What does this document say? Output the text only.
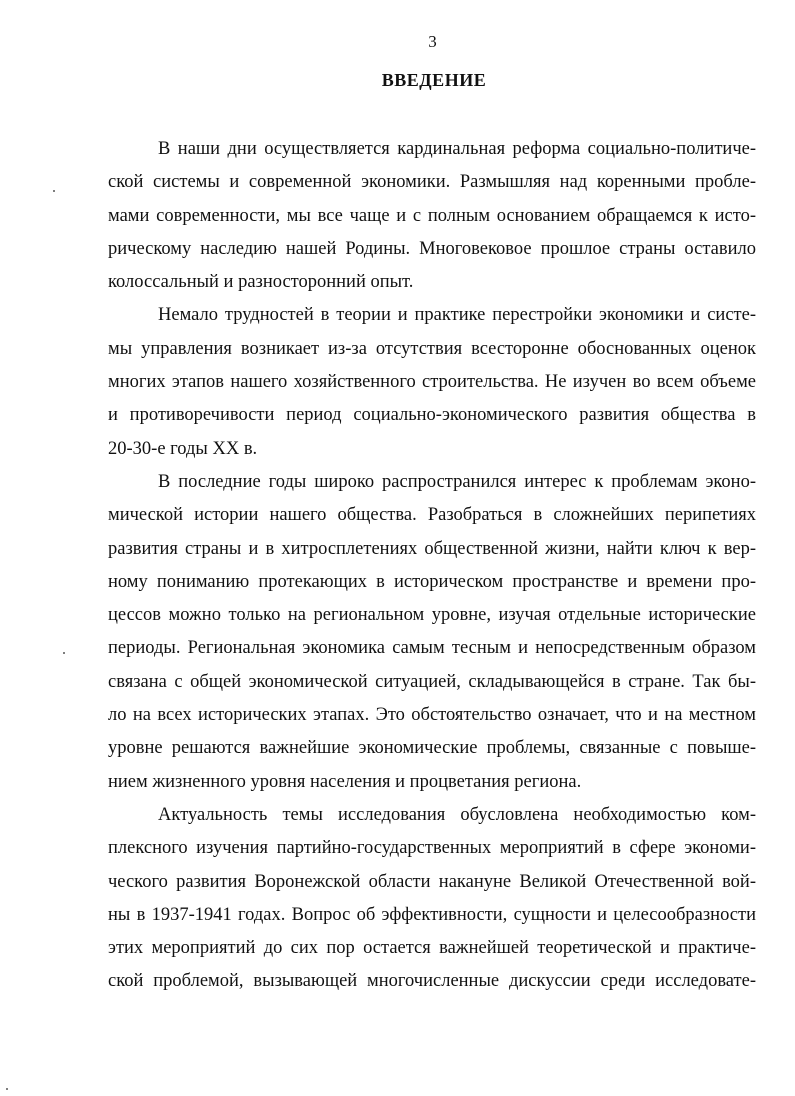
3
ВВЕДЕНИЕ
В наши дни осуществляется кардинальная реформа социально-политиче-
ской системы и современной экономики. Размышляя над коренными пробле-
мами современности, мы все чаще и с полным основанием обращаемся к исто-
рическому наследию нашей Родины. Многовековое прошлое страны оставило
колоссальный и разносторонний опыт.
Немало трудностей в теории и практике перестройки экономики и систе-
мы управления возникает из-за отсутствия всесторонне обоснованных оценок
многих этапов нашего хозяйственного строительства. Не изучен во всем объеме
и противоречивости период социально-экономического развития общества в
20-30-е годы XX в.
В последние годы широко распространился интерес к проблемам эконо-
мической истории нашего общества. Разобраться в сложнейших перипетиях
развития страны и в хитросплетениях общественной жизни, найти ключ к вер-
ному пониманию протекающих в историческом пространстве и времени про-
цессов можно только на региональном уровне, изучая отдельные исторические
периоды. Региональная экономика самым тесным и непосредственным образом
связана с общей экономической ситуацией, складывающейся в стране. Так бы-
ло на всех исторических этапах. Это обстоятельство означает, что и на местном
уровне решаются важнейшие экономические проблемы, связанные с повыше-
нием жизненного уровня населения и процветания региона.
Актуальность темы исследования обусловлена необходимостью ком-
плексного изучения партийно-государственных мероприятий в сфере экономи-
ческого развития Воронежской области накануне Великой Отечественной вой-
ны в 1937-1941 годах. Вопрос об эффективности, сущности и целесообразности
этих мероприятий до сих пор остается важнейшей теоретической и практиче-
ской проблемой, вызывающей многочисленные дискуссии среди исследовате-
